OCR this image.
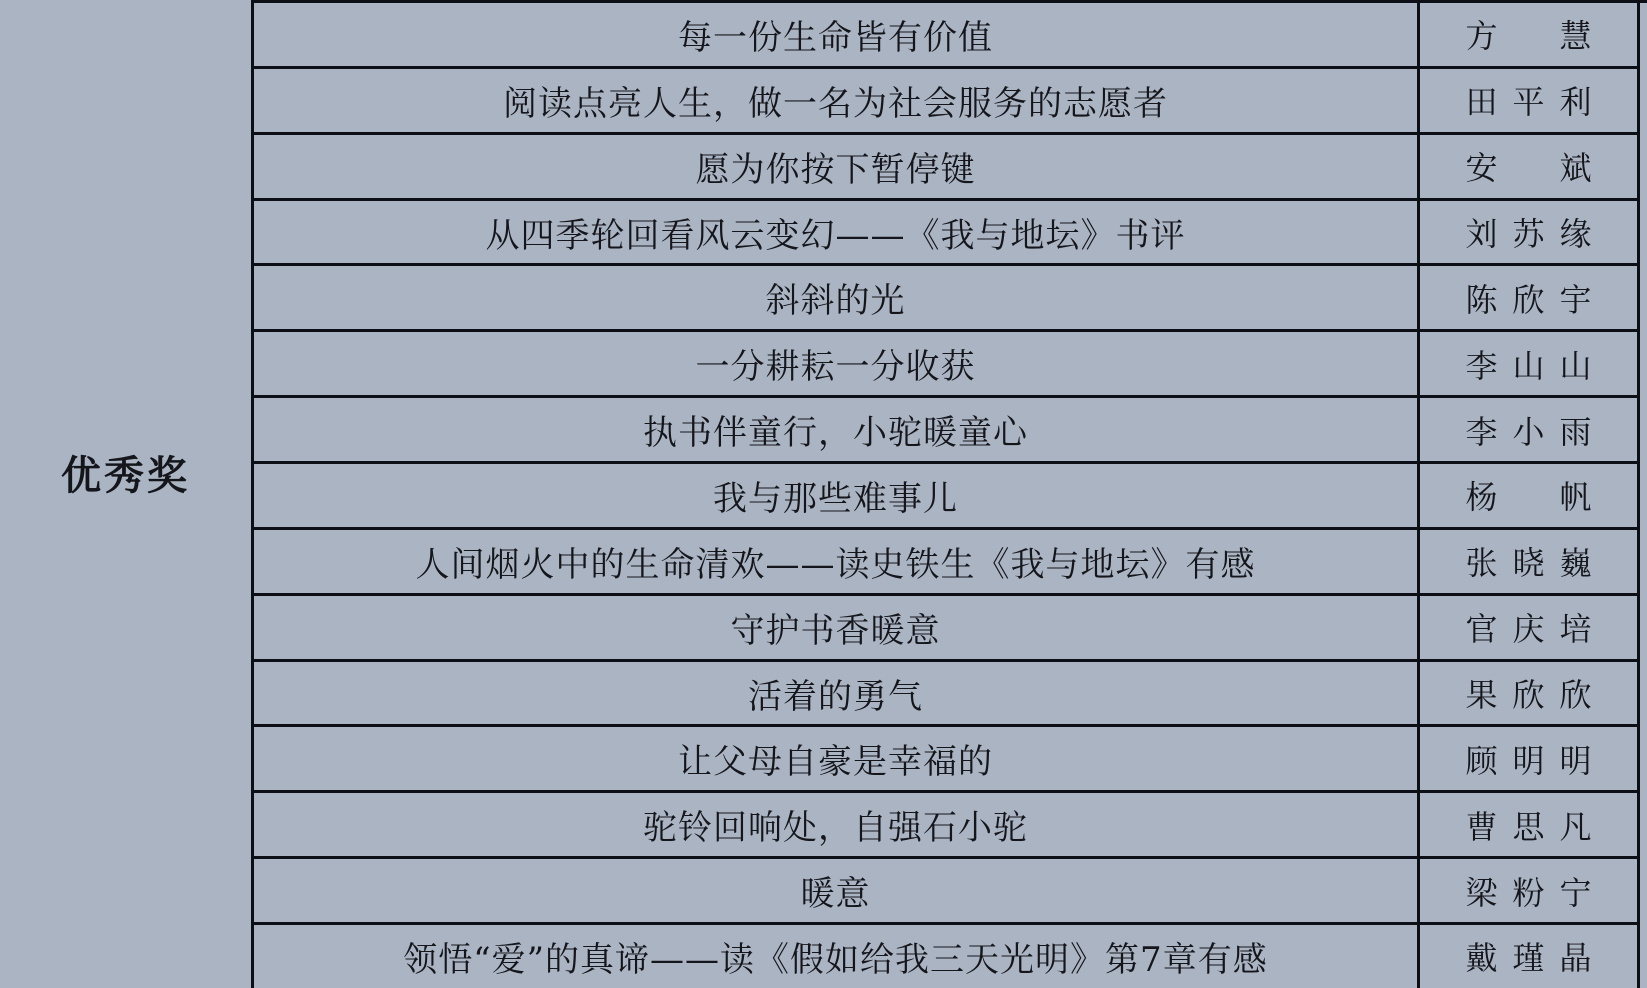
优秀奖
每一份生命皆有价值	方　慧
阅读点亮人生，做一名为社会服务的志愿者	田平利
愿为你按下暂停键	安　斌
从四季轮回看风云变幻——《我与地坛》书评	刘苏缘
斜斜的光	陈欣宇
一分耕耘一分收获	李山山
执书伴童行，小驼暖童心	李小雨
我与那些难事儿	杨　帆
人间烟火中的生命清欢——读史铁生《我与地坛》有感	张晓巍
守护书香暖意	官庆培
活着的勇气	果欣欣
让父母自豪是幸福的	顾明明
驼铃回响处，自强石小驼	曹思凡
暖意	梁粉宁
领悟“爱”的真谛——读《假如给我三天光明》第7章有感	戴瑾晶
